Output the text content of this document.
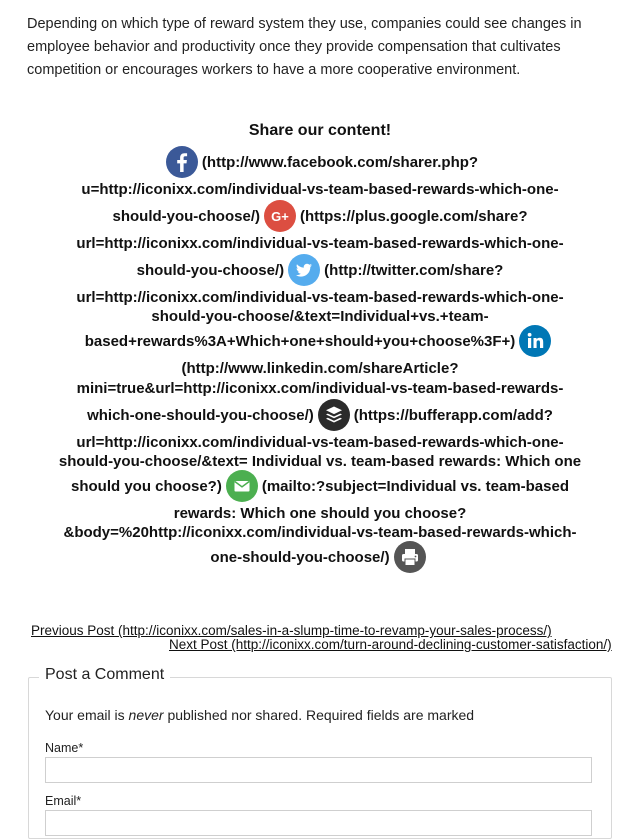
Depending on which type of reward system they use, companies could see changes in employee behavior and productivity once they provide compensation that cultivates competition or encourages workers to have a more cooperative environment.

Share our content!
(http://www.facebook.com/sharer.php?
u=http://iconixx.com/individual-vs-team-based-rewards-which-one-
should-you-choose/) G+ (https://plus.google.com/share?
url=http://iconixx.com/individual-vs-team-based-rewards-which-one-
should-you-choose/)	(http://twitter.com/share?
url=http://iconixx.com/individual-vs-team-based-rewards-which-one-
should-you-choose/&text=Individual+vs.+team-
based+rewards%3A+Which+one+should+you+choose%3F+)
(http://www.linkedin.com/shareArticle?
mini=true&url=http://iconixx.com/individual-vs-team-based-rewards-
which-one-should-you-choose/)	(https://bufferapp.com/add?
url=http://iconixx.com/individual-vs-team-based-rewards-which-one-
should-you-choose/&text= Individual vs. team-based rewards: Which one
should you choose?)	(mailto:?subject=Individual vs. team-based
rewards: Which one should you choose?
&body=%20http://iconixx.com/individual-vs-team-based-rewards-which-
one-should-you-choose/)
Previous Post (http://iconixx.com/sales-in-a-slump-time-to-revamp-your-sales-process/)
Next Post (http://iconixx.com/turn-around-declining-customer-satisfaction/)
Post a Comment
Your email is never published nor shared. Required fields are marked
Name*
Email*
